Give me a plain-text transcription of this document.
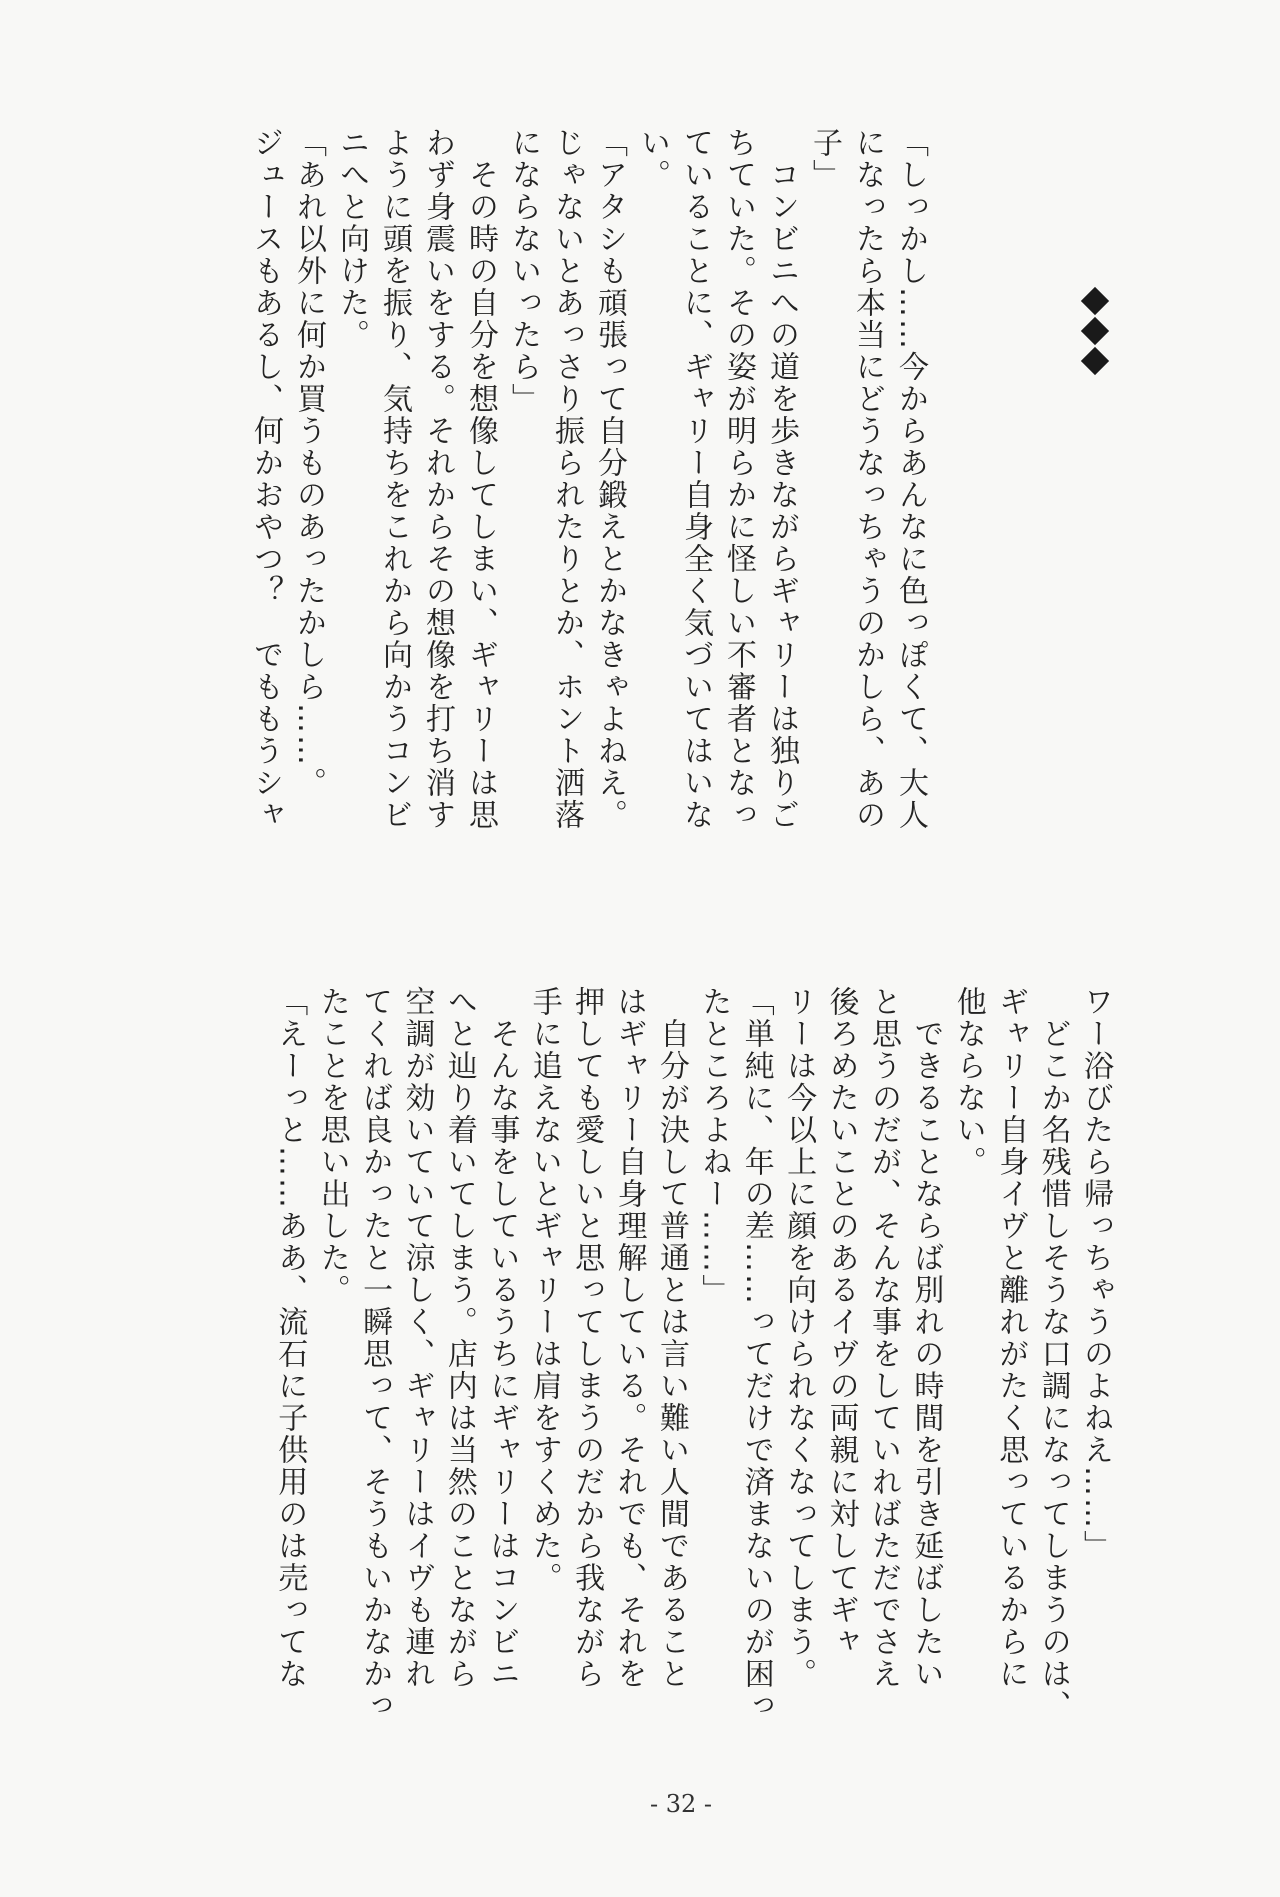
「しっかし……今からあんなに色っぽくて、大人
になったら本当にどうなっちゃうのかしら、あの
子」
　コンビニへの道を歩きながらギャリーは独りご
ちていた。その姿が明らかに怪しい不審者となっ
ていることに、ギャリー自身全く気づいてはいな
い。
「アタシも頑張って自分鍛えとかなきゃよねえ。
じゃないとあっさり振られたりとか、ホント洒落
にならないったら」
　その時の自分を想像してしまい、ギャリーは思
わず身震いをする。それからその想像を打ち消す
ように頭を振り、気持ちをこれから向かうコンビ
ニへと向けた。
「あれ以外に何か買うものあったかしら……。
ジュースもあるし、何かおやつ？　でももうシャ
ワー浴びたら帰っちゃうのよねえ……」
　どこか名残惜しそうな口調になってしまうのは、
ギャリー自身イヴと離れがたく思っているからに
他ならない。
　できることならば別れの時間を引き延ばしたい
と思うのだが、そんな事をしていればただでさえ
後ろめたいことのあるイヴの両親に対してギャ
リーは今以上に顔を向けられなくなってしまう。
「単純に、年の差……ってだけで済まないのが困っ
たところよねー……」
　自分が決して普通とは言い難い人間であること
はギャリー自身理解している。それでも、それを
押しても愛しいと思ってしまうのだから我ながら
手に追えないとギャリーは肩をすくめた。
　そんな事をしているうちにギャリーはコンビニ
へと辿り着いてしまう。店内は当然のことながら
空調が効いていて涼しく、ギャリーはイヴも連れ
てくれば良かったと一瞬思って、そうもいかなかっ
たことを思い出した。
「えーっと……ああ、流石に子供用のは売ってな
- 32 -
